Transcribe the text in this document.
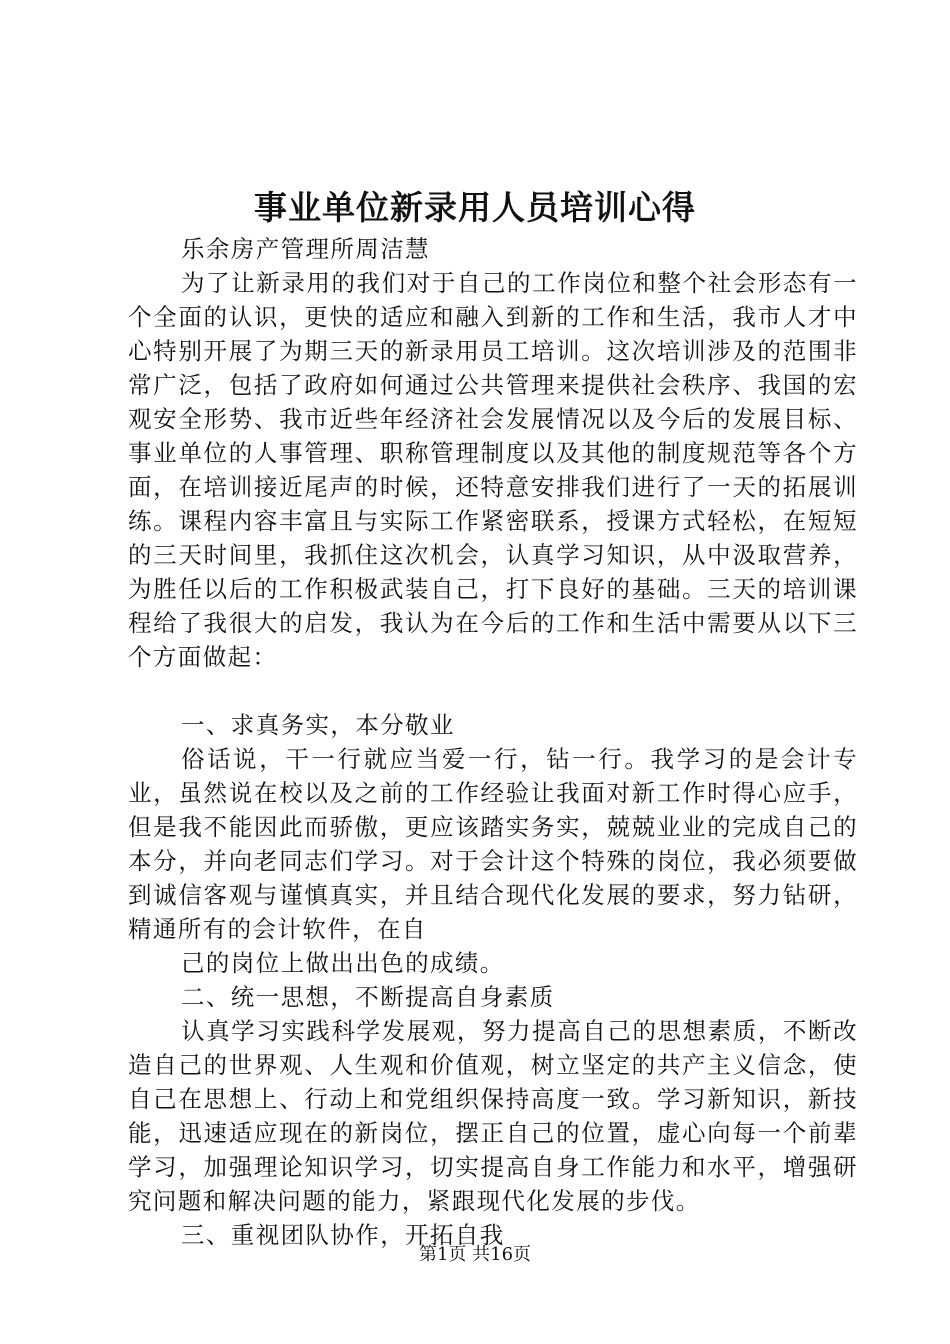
事业单位新录用人员培训心得

乐余房产管理所周洁慧

为了让新录用的我们对于自己的工作岗位和整个社会形态有一个全面的认识，更快的适应和融入到新的工作和生活，我市人才中心特别开展了为期三天的新录用员工培训。这次培训涉及的范围非常广泛，包括了政府如何通过公共管理来提供社会秩序、我国的宏观安全形势、我市近些年经济社会发展情况以及今后的发展目标、事业单位的人事管理、职称管理制度以及其他的制度规范等各个方面，在培训接近尾声的时候，还特意安排我们进行了一天的拓展训练。课程内容丰富且与实际工作紧密联系，授课方式轻松，在短短的三天时间里，我抓住这次机会，认真学习知识，从中汲取营养，为胜任以后的工作积极武装自己，打下良好的基础。三天的培训课程给了我很大的启发，我认为在今后的工作和生活中需要从以下三个方面做起：

一、求真务实，本分敬业

俗话说，干一行就应当爱一行，钻一行。我学习的是会计专业，虽然说在校以及之前的工作经验让我面对新工作时得心应手，但是我不能因此而骄傲，更应该踏实务实，兢兢业业的完成自己的本分，并向老同志们学习。对于会计这个特殊的岗位，我必须要做到诚信客观与谨慎真实，并且结合现代化发展的要求，努力钻研，精通所有的会计软件，在自

己的岗位上做出出色的成绩。

二、统一思想，不断提高自身素质

认真学习实践科学发展观，努力提高自己的思想素质，不断改造自己的世界观、人生观和价值观，树立坚定的共产主义信念，使自己在思想上、行动上和党组织保持高度一致。学习新知识，新技能，迅速适应现在的新岗位，摆正自己的位置，虚心向每一个前辈学习，加强理论知识学习，切实提高自身工作能力和水平，增强研究问题和解决问题的能力，紧跟现代化发展的步伐。

三、重视团队协作，开拓自我

第1页 共16页
